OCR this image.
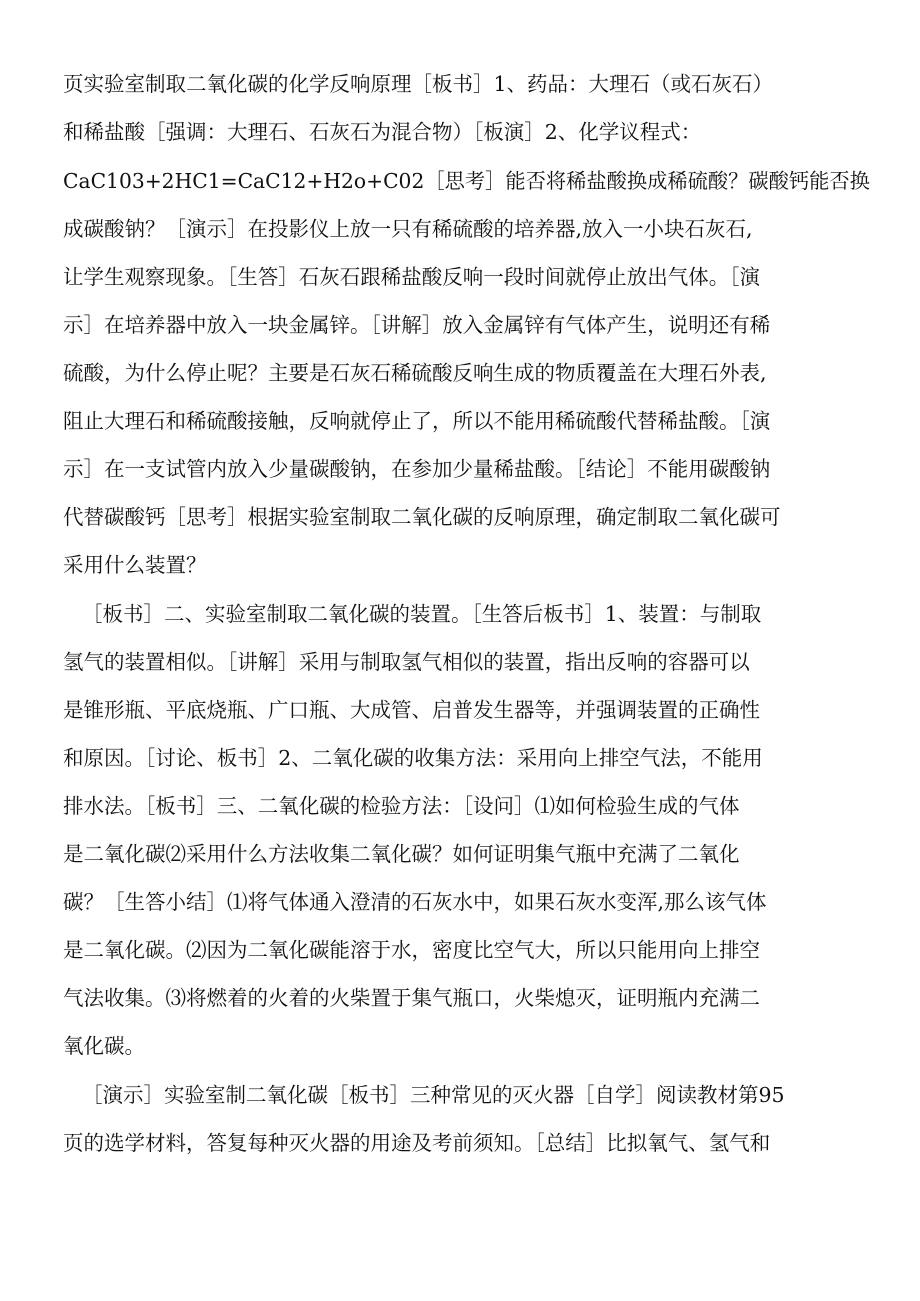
页实验室制取二氧化碳的化学反响原理［板书］1、药品：大理石（或石灰石）
和稀盐酸［强调：大理石、石灰石为混合物）［板演］2、化学议程式：
CaC103+2HC1=CaC12+H2o+C02［思考］能否将稀盐酸换成稀硫酸？碳酸钙能否换
成碳酸钠？［演示］在投影仪上放一只有稀硫酸的培养器,放入一小块石灰石,
让学生观察现象。［生答］石灰石跟稀盐酸反响一段时间就停止放出气体。［演
示］在培养器中放入一块金属锌。［讲解］放入金属锌有气体产生，说明还有稀
硫酸，为什么停止呢？主要是石灰石稀硫酸反响生成的物质覆盖在大理石外表,
阻止大理石和稀硫酸接触，反响就停止了，所以不能用稀硫酸代替稀盐酸。［演
示］在一支试管内放入少量碳酸钠，在参加少量稀盐酸。［结论］不能用碳酸钠
代替碳酸钙［思考］根据实验室制取二氧化碳的反响原理，确定制取二氧化碳可
采用什么装置？
［板书］二、实验室制取二氧化碳的装置。［生答后板书］1、装置：与制取
氢气的装置相似。［讲解］采用与制取氢气相似的装置，指出反响的容器可以
是锥形瓶、平底烧瓶、广口瓶、大成管、启普发生器等，并强调装置的正确性
和原因。［讨论、板书］2、二氧化碳的收集方法：采用向上排空气法，不能用
排水法。［板书］三、二氧化碳的检验方法：［设问］⑴如何检验生成的气体
是二氧化碳⑵采用什么方法收集二氧化碳？如何证明集气瓶中充满了二氧化
碳？［生答小结］⑴将气体通入澄清的石灰水中，如果石灰水变浑,那么该气体
是二氧化碳。⑵因为二氧化碳能溶于水，密度比空气大，所以只能用向上排空
气法收集。⑶将燃着的火着的火柴置于集气瓶口，火柴熄灭，证明瓶内充满二
氧化碳。
［演示］实验室制二氧化碳［板书］三种常见的灭火器［自学］阅读教材第95
页的选学材料，答复每种灭火器的用途及考前须知。［总结］比拟氧气、氢气和
